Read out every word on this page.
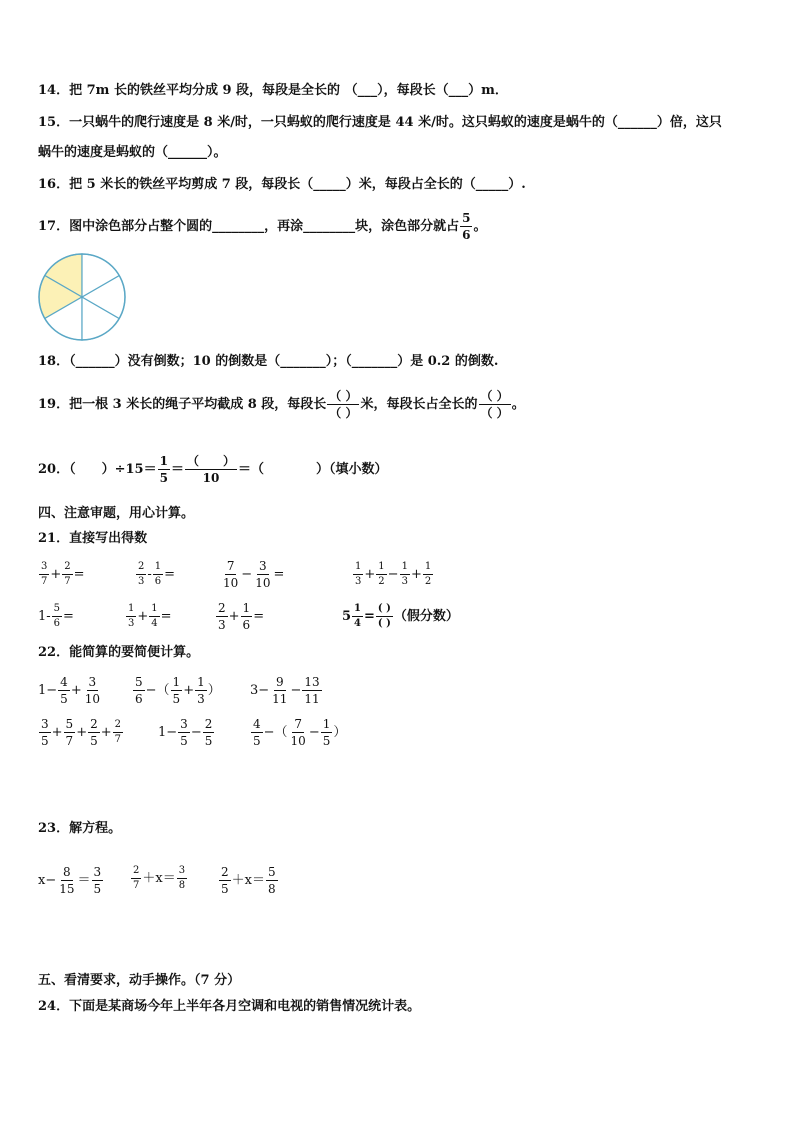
14．把 7m 长的铁丝平均分成 9 段，每段是全长的 （___），每段长（___）m．
15．一只蜗牛的爬行速度是 8 米/时，一只蚂蚁的爬行速度是 44 米/时。这只蚂蚁的速度是蜗牛的（______）倍，这只
蜗牛的速度是蚂蚁的（______）。
16．把 5 米长的铁丝平均剪成 7 段，每段长（_____）米，每段占全长的（_____）.
17．图中涂色部分占整个圆的________，再涂________块，涂色部分就占 $\frac{5}{6}$ 。
18．（______）没有倒数；10 的倒数是（_______）；（_______）是 0.2 的倒数.
19．把一根 3 米长的绳子平均截成 8 段，每段长
（ ）
（ ）
米，每段长占全长的
（ ）
（ ）
。
20．（　　）$\div 15= \frac{1}{5}$ ＝
（　　）
10
＝（　　　　）（填小数）
四、注意审题，用心计算。
21．直接写出得数
$\frac{3}{7} + \frac{2}{7}$ =	$\frac{2}{3} - \frac{1}{6}$ =	$\frac{7}{10} - \frac{3}{10}$ =	$\frac{1}{3} + \frac{1}{2} - \frac{1}{3} + \frac{1}{2}$
$1- \frac{5}{6}$ =	$\frac{1}{3} + \frac{1}{4}$ =	$\frac{2}{3} + \frac{1}{6}$ =	$5 \frac{1}{4}$ =
( )
( ) （假分数）
22．能简算的要简便计算。
$1- \frac{4}{5} + \frac{3}{10}$	$\frac{5}{6}$ −（ $\frac{1}{5} + \frac{1}{3}$ ） $3- \frac{9}{11} - \frac{13}{11}$
$\frac{3}{5} + \frac{5}{7} + \frac{2}{5} + \frac{2}{7}$	$1- \frac{3}{5} - \frac{2}{5}$	$\frac{4}{5}$ −（ $\frac{7}{10} - \frac{1}{5}$ ）
23．解方程。
$x- \frac{8}{15} = \frac{3}{5}$	$\frac{2}{7} +x= \frac{3}{8}$	$\frac{2}{5} +x= \frac{5}{8}$
五、看清要求，动手操作。（7 分）
24．下面是某商场今年上半年各月空调和电视的销售情况统计表。
